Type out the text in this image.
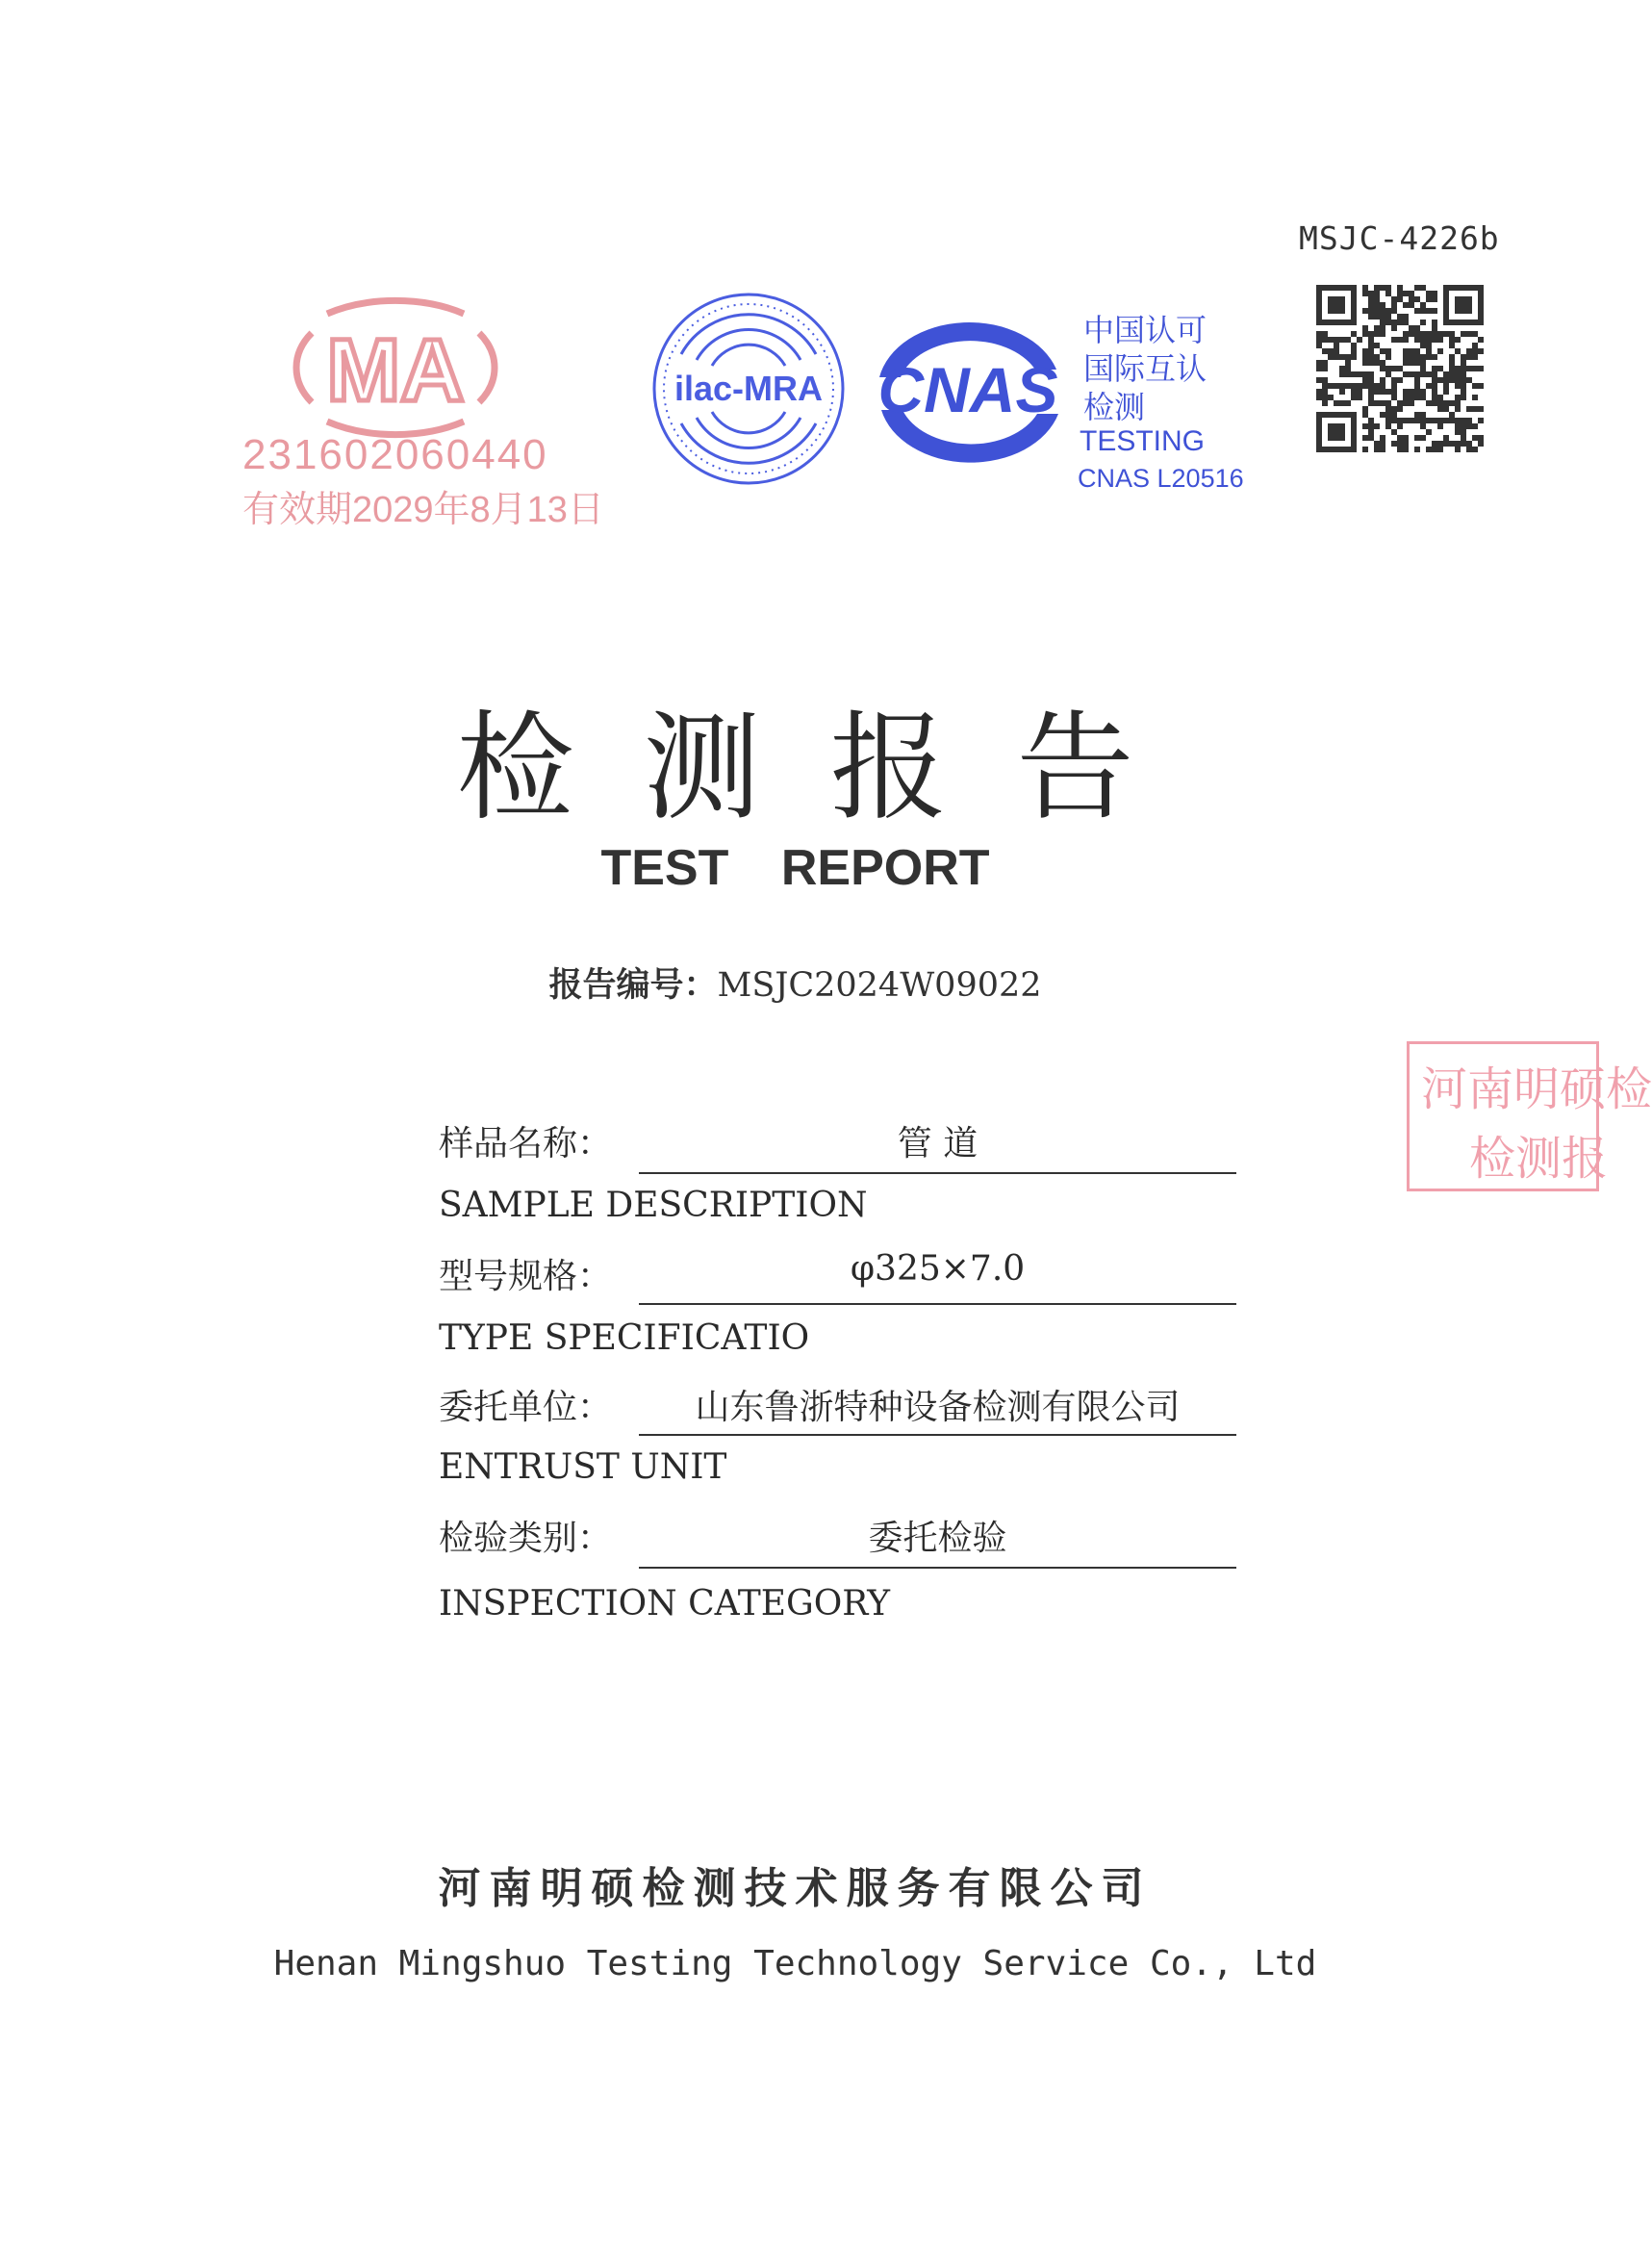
MSJC-4226b
MA
231602060440
有效期2029年8月13日
ilac-MRA CNAS
中国认可
国际互认
检测
TESTING
CNAS L20516
检测报告
TEST REPORT
报告编号：MSJC2024W09022
河南明硕检
检测报
样品名称：	管 道
SAMPLE DESCRIPTION
型号规格：	φ325×7.0
TYPE SPECIFICATIO
委托单位：	山东鲁浙特种设备检测有限公司
ENTRUST UNIT
检验类别：	委托检验
INSPECTION CATEGORY
河南明硕检测技术服务有限公司
Henan Mingshuo Testing Technology Service Co., Ltd
